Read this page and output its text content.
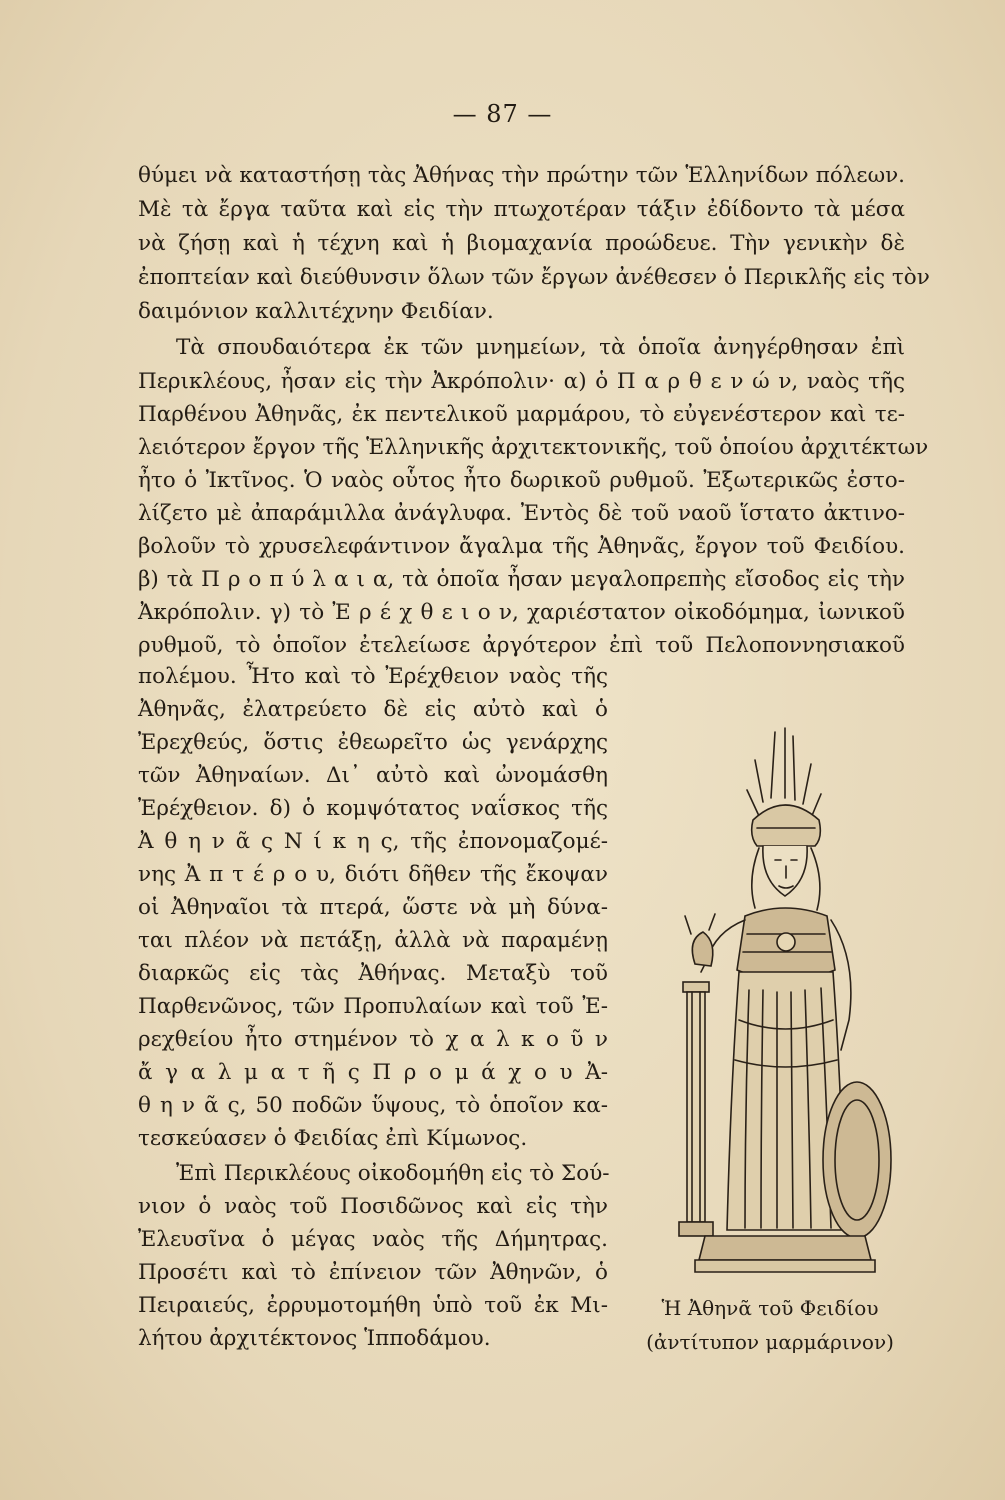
— 87 —
θύμει νὰ καταστήσῃ τὰς Ἀθήνας τὴν πρώτην τῶν Ἑλληνίδων πόλεων.
Μὲ τὰ ἔργα ταῦτα καὶ εἰς τὴν πτωχοτέραν τάξιν ἐδίδοντο τὰ μέσα
νὰ ζήσῃ καὶ ἡ τέχνη καὶ ἡ βιομαχανία προώδευε. Τὴν γενικὴν δὲ
ἐποπτείαν καὶ διεύθυνσιν ὅλων τῶν ἔργων ἀνέθεσεν ὁ Περικλῆς εἰς τὸν
δαιμόνιον καλλιτέχνην Φειδίαν.
Τὰ σπουδαιότερα ἐκ τῶν μνημείων, τὰ ὁποῖα ἀνηγέρθησαν ἐπὶ
Περικλέους, ἦσαν εἰς τὴν Ἀκρόπολιν· α) ὁ Π α ρ θ ε ν ώ ν, ναὸς τῆς
Παρθένου Ἀθηνᾶς, ἐκ πεντελικοῦ μαρμάρου, τὸ εὐγενέστερον καὶ τε-
λειότερον ἔργον τῆς Ἑλληνικῆς ἀρχιτεκτονικῆς, τοῦ ὁποίου ἀρχιτέκτων
ἦτο ὁ Ἰκτῖνος. Ὁ ναὸς οὗτος ἦτο δωρικοῦ ρυθμοῦ. Ἐξωτερικῶς ἐστο-
λίζετο μὲ ἀπαράμιλλα ἀνάγλυφα. Ἐντὸς δὲ τοῦ ναοῦ ἵστατο ἀκτινο-
βολοῦν τὸ χρυσελεφάντινον ἄγαλμα τῆς Ἀθηνᾶς, ἔργον τοῦ Φειδίου.
β) τὰ Π ρ ο π ύ λ α ι α, τὰ ὁποῖα ἦσαν μεγαλοπρεπὴς εἴσοδος εἰς τὴν
Ἀκρόπολιν. γ) τὸ Ἐ ρ έ χ θ ε ι ο ν, χαριέστατον οἰκοδόμημα, ἰωνικοῦ
ρυθμοῦ, τὸ ὁποῖον ἐτελείωσε ἀργότερον ἐπὶ τοῦ Πελοποννησιακοῦ
πολέμου. Ἦτο καὶ τὸ Ἐρέχθειον ναὸς τῆς
Ἀθηνᾶς, ἐλατρεύετο δὲ εἰς αὐτὸ καὶ ὁ
Ἐρεχθεύς, ὅστις ἐθεωρεῖτο ὡς γενάρχης
τῶν Ἀθηναίων. Δι᾽ αὐτὸ καὶ ὠνομάσθη
Ἐρέχθειον. δ) ὁ κομψότατος ναΐσκος τῆς
Ἀ θ η ν ᾶ ς Ν ί κ η ς, τῆς ἐπονομαζομέ-
νης Ἀ π τ έ ρ ο υ, διότι δῆθεν τῆς ἔκοψαν
οἱ Ἀθηναῖοι τὰ πτερά, ὥστε νὰ μὴ δύνα-
ται πλέον νὰ πετάξῃ, ἀλλὰ νὰ παραμένῃ
διαρκῶς εἰς τὰς Ἀθήνας. Μεταξὺ τοῦ
Παρθενῶνος, τῶν Προπυλαίων καὶ τοῦ Ἐ-
ρεχθείου ἦτο στημένον τὸ χ α λ κ ο ῦ ν
ἄ γ α λ μ α τ ῆ ς Π ρ ο μ ά χ ο υ Ἀ-
θ η ν ᾶ ς, 50 ποδῶν ὕψους, τὸ ὁποῖον κα-
τεσκεύασεν ὁ Φειδίας ἐπὶ Κίμωνος.
Ἐπὶ Περικλέους οἰκοδομήθη εἰς τὸ Σού-
νιον ὁ ναὸς τοῦ Ποσιδῶνος καὶ εἰς τὴν
Ἐλευσῖνα ὁ μέγας ναὸς τῆς Δήμητρας.
Προσέτι καὶ τὸ ἐπίνειον τῶν Ἀθηνῶν, ὁ
Πειραιεύς, ἐρρυμοτομήθη ὑπὸ τοῦ ἐκ Μι-
λήτου ἀρχιτέκτονος Ἱπποδάμου.
Ἡ Ἀθηνᾶ τοῦ Φειδίου
(ἀντίτυπον μαρμάρινον)
